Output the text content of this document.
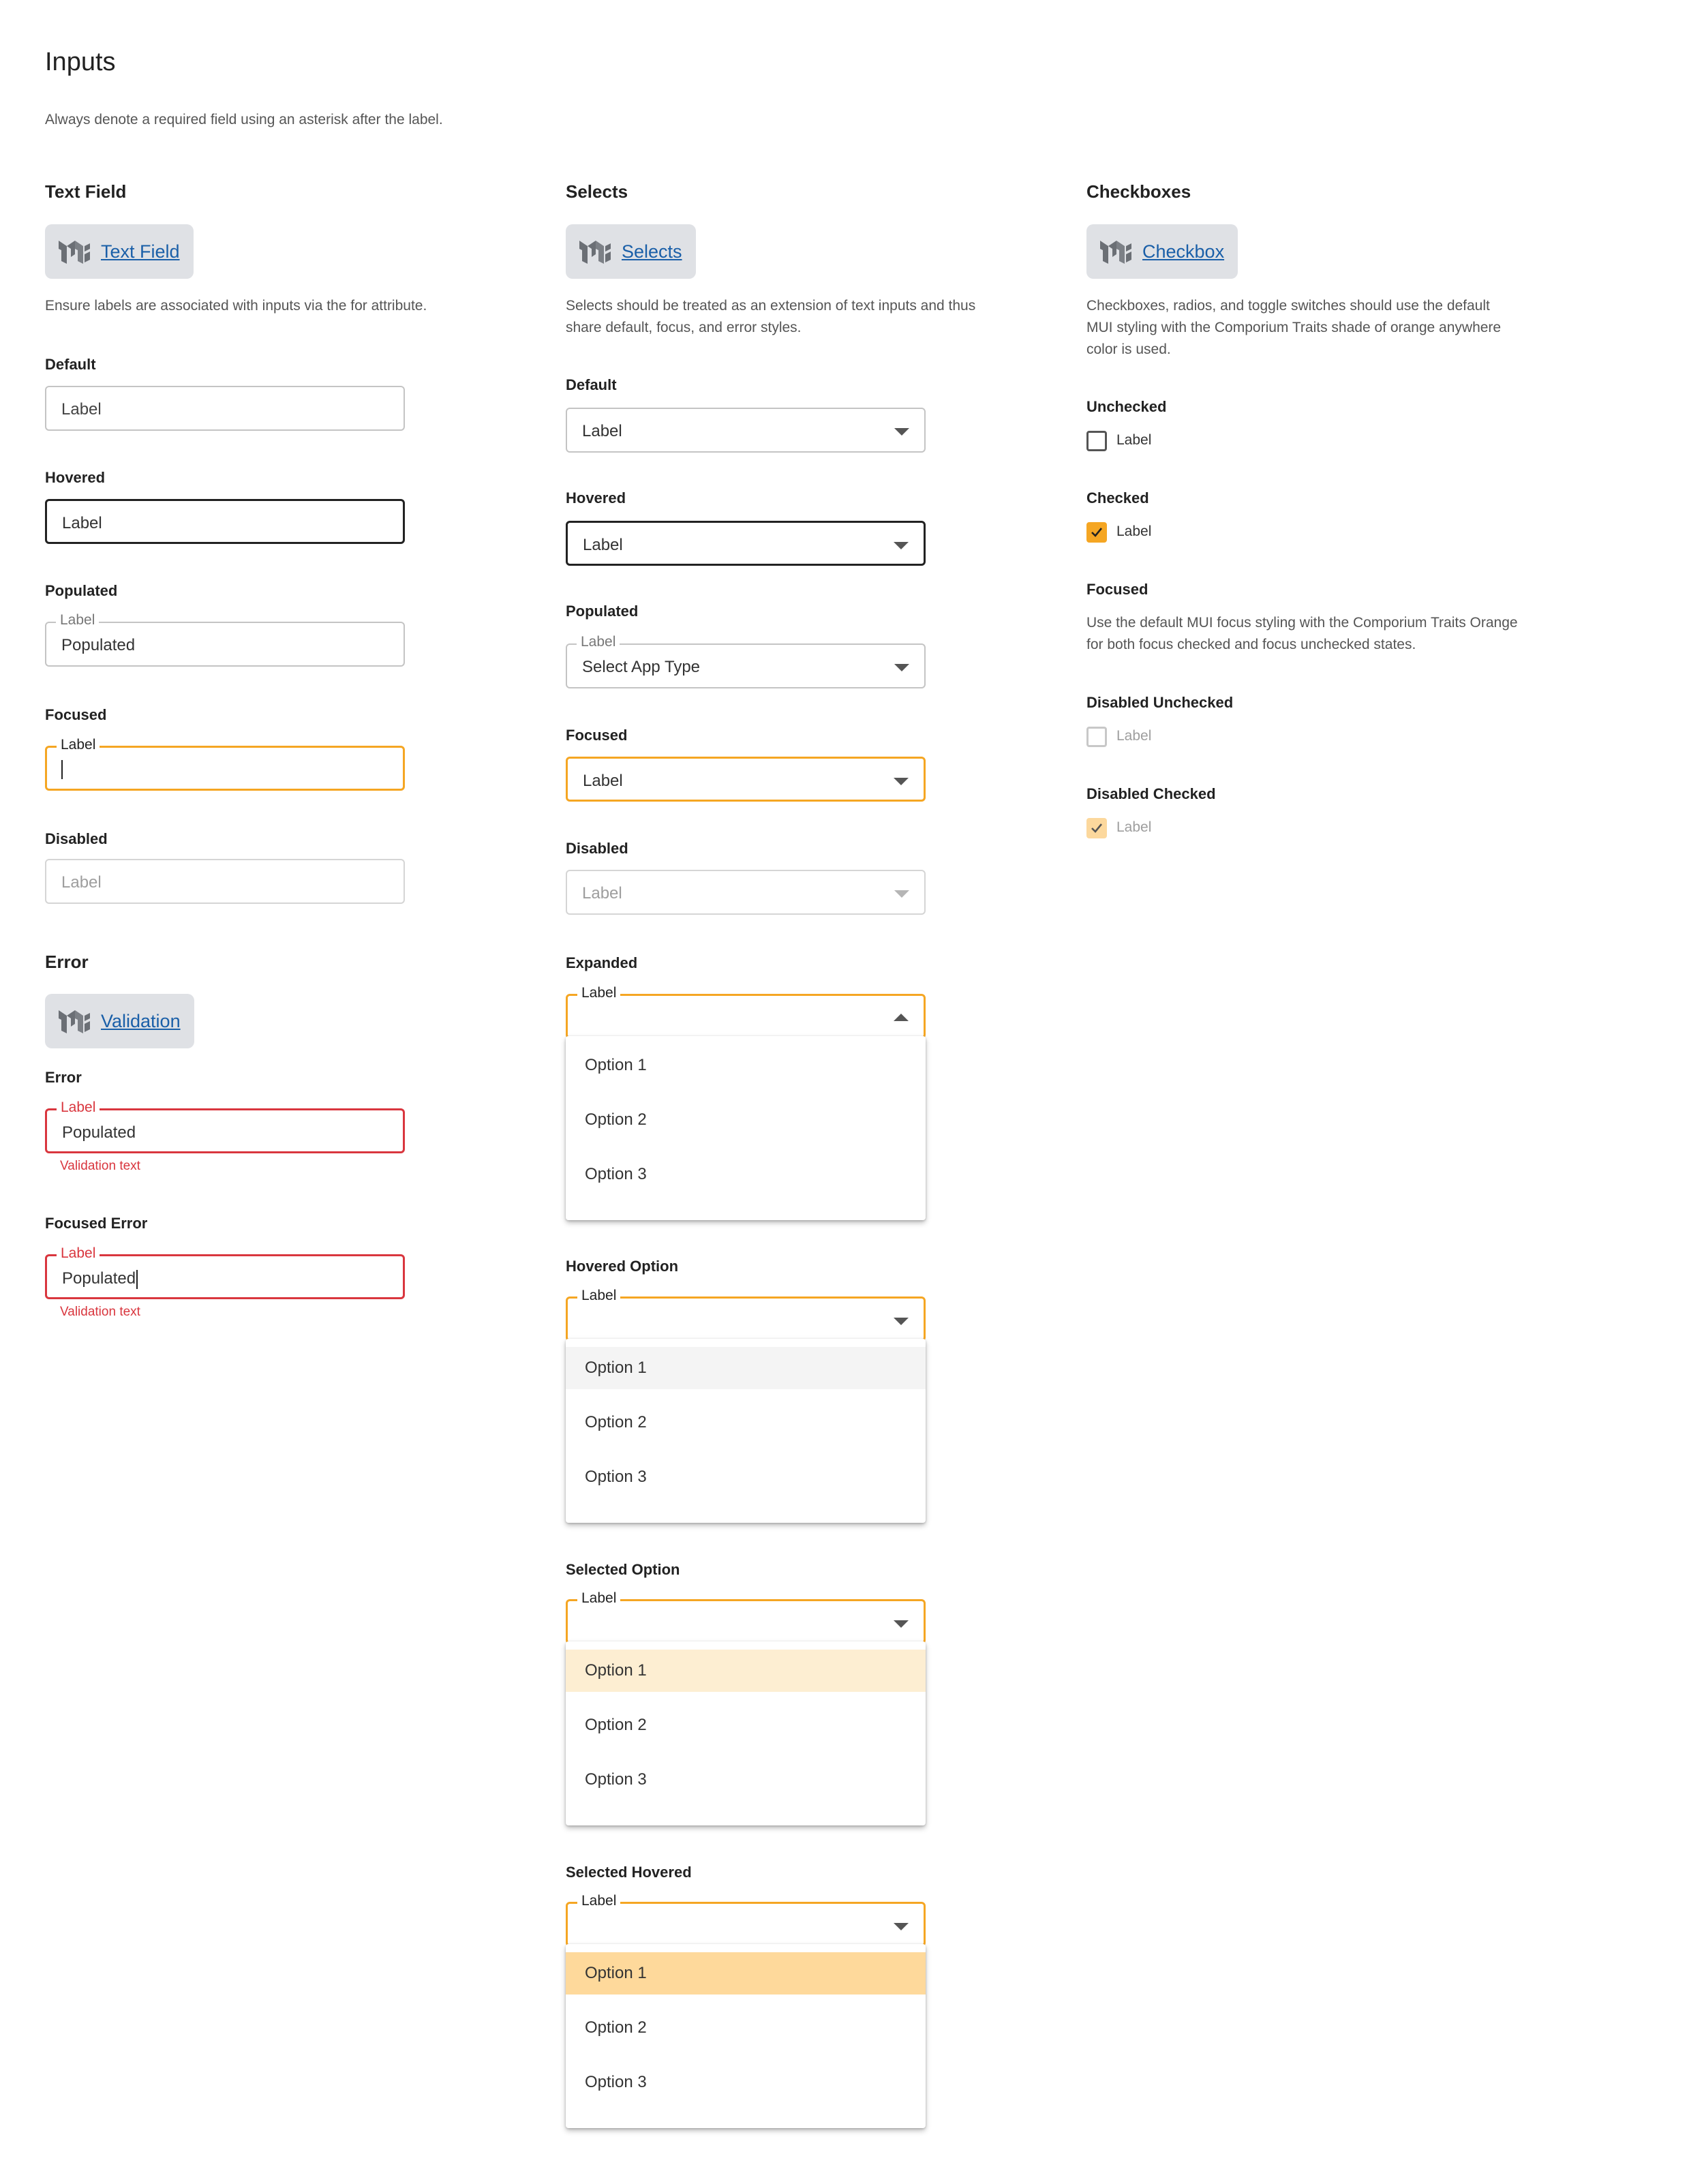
Inputs
Always denote a required field using an asterisk after the label.
Text Field
Text Field
Ensure labels are associated with inputs via the for attribute.
Default
Label
Hovered
Label
Populated
Label
Populated
Focused
Label
Disabled
Label
Error
Validation
Error
Label
Populated
Validation text
Focused Error
Label
Populated
Validation text
Selects
Selects
Selects should be treated as an extension of text inputs and thus share default, focus, and error styles.
Default
Label
Hovered
Label
Populated
Label
Select App Type
Focused
Label
Disabled
Label
Expanded
Label
Option 1
Option 2
Option 3
Hovered Option
Label
Option 1
Option 2
Option 3
Selected Option
Label
Option 1
Option 2
Option 3
Selected Hovered
Label
Option 1
Option 2
Option 3
Checkboxes
Checkbox
Checkboxes, radios, and toggle switches should use the default MUI styling with the Comporium Traits shade of orange anywhere color is used.
Unchecked
Label
Checked
Label
Focused
Use the default MUI focus styling with the Comporium Traits Orange for both focus checked and focus unchecked states.
Disabled Unchecked
Label
Disabled Checked
Label
